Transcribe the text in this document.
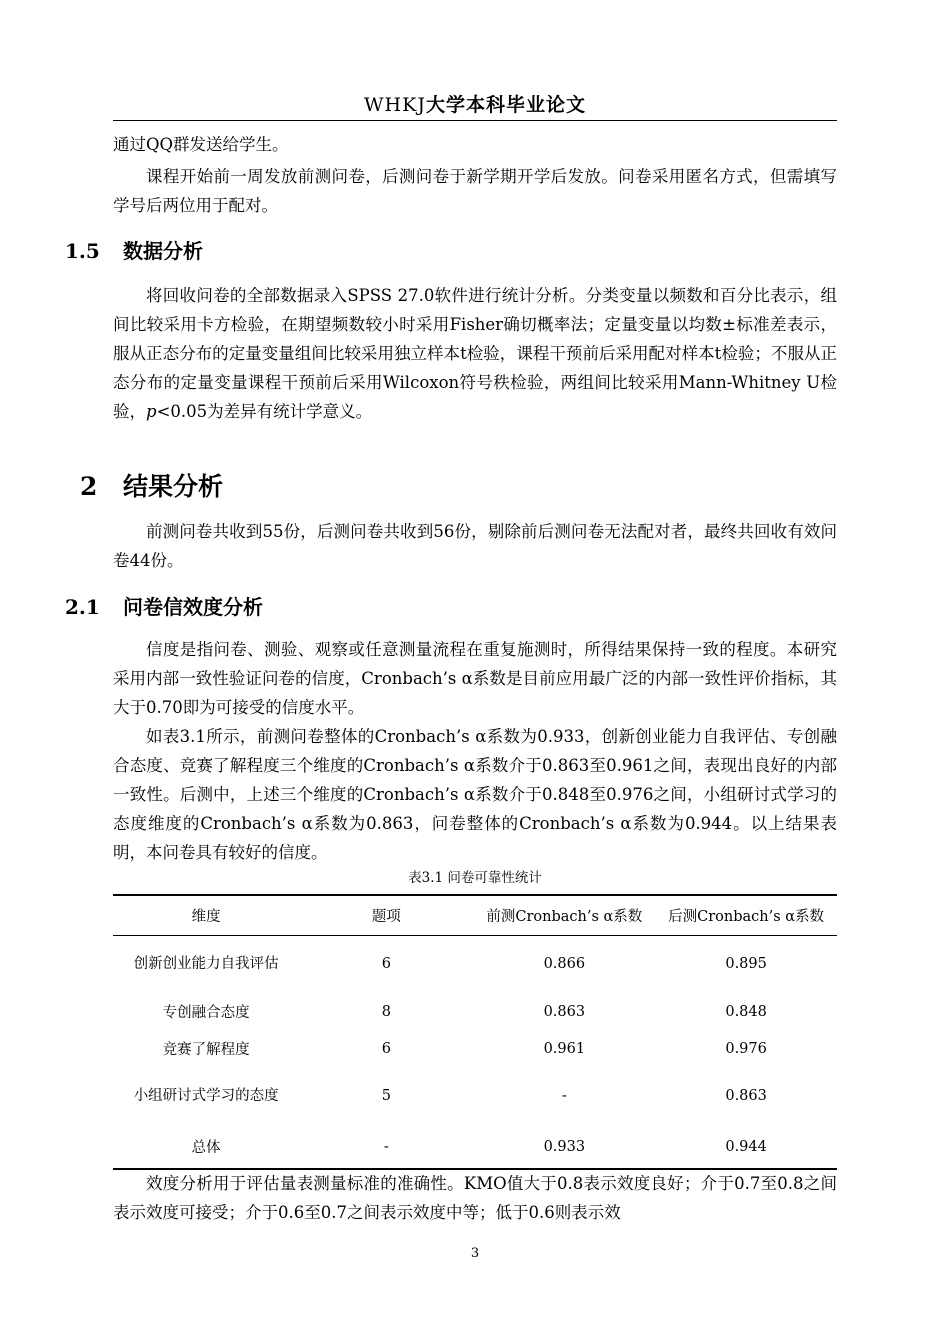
WHKJ大学本科毕业论文

通过QQ群发送给学生。

课程开始前一周发放前测问卷，后测问卷于新学期开学后发放。问卷采用匿名方式，但需填写学号后两位用于配对。

1.5 数据分析

将回收问卷的全部数据录入SPSS 27.0软件进行统计分析。分类变量以频数和百分比表示，组间比较采用卡方检验，在期望频数较小时采用Fisher确切概率法；定量变量以均数±标准差表示，服从正态分布的定量变量组间比较采用独立样本t检验，课程干预前后采用配对样本t检验；不服从正态分布的定量变量课程干预前后采用Wilcoxon符号秩检验，两组间比较采用Mann-Whitney U检验，p<0.05为差异有统计学意义。

2 结果分析

前测问卷共收到55份，后测问卷共收到56份，剔除前后测问卷无法配对者，最终共回收有效问卷44份。

2.1 问卷信效度分析

信度是指问卷、测验、观察或任意测量流程在重复施测时，所得结果保持一致的程度。本研究采用内部一致性验证问卷的信度，Cronbach’s α系数是目前应用最广泛的内部一致性评价指标，其大于0.70即为可接受的信度水平。

如表3.1所示，前测问卷整体的Cronbach’s α系数为0.933，创新创业能力自我评估、专创融合态度、竞赛了解程度三个维度的Cronbach’s α系数介于0.863至0.961之间，表现出良好的内部一致性。后测中，上述三个维度的Cronbach’s α系数介于0.848至0.976之间，小组研讨式学习的态度维度的Cronbach’s α系数为0.863，问卷整体的Cronbach’s α系数为0.944。以上结果表明，本问卷具有较好的信度。

表3.1 问卷可靠性统计
维度	题项	前测Cronbach’s α系数	后测Cronbach’s α系数
创新创业能力自我评估	6	0.866	0.895
专创融合态度	8	0.863	0.848
竞赛了解程度	6	0.961	0.976
小组研讨式学习的态度	5	-	0.863
总体	-	0.933	0.944

效度分析用于评估量表测量标准的准确性。KMO值大于0.8表示效度良好；介于0.7至0.8之间表示效度可接受；介于0.6至0.7之间表示效度中等；低于0.6则表示效

3
